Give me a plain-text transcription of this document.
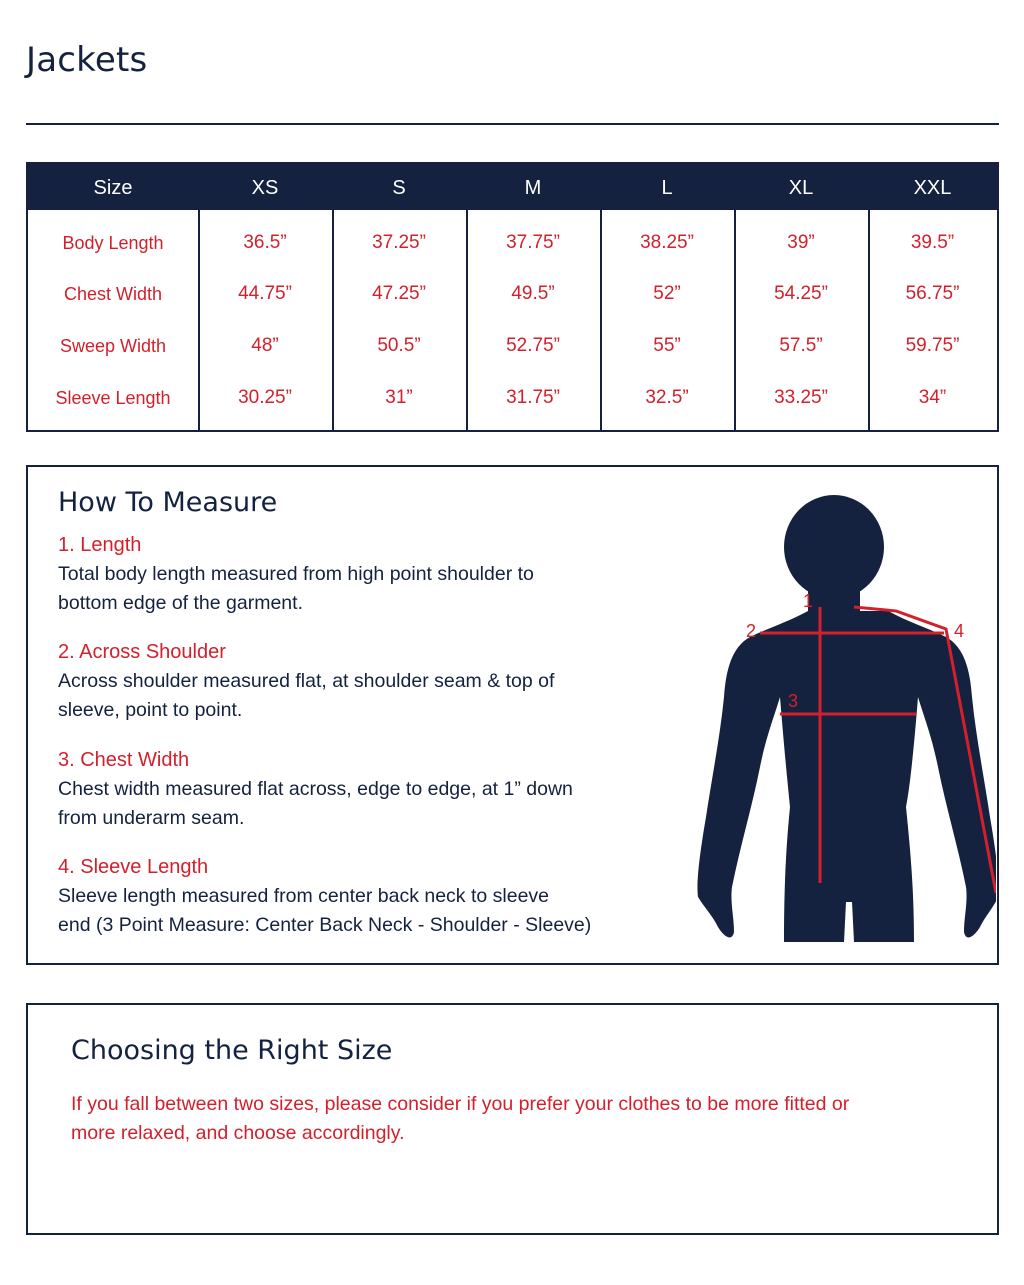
Jackets
Size	XS	S	M	L	XL	XXL
Body Length	36.5”	37.25”	37.75”	38.25”	39”	39.5”
Chest Width	44.75”	47.25”	49.5”	52”	54.25”	56.75”
Sweep Width	48”	50.5”	52.75”	55”	57.5”	59.75”
Sleeve Length	30.25”	31”	31.75”	32.5”	33.25”	34”
How To Measure
1. Length
Total body length measured from high point shoulder to
bottom edge of the garment.
2. Across Shoulder
Across shoulder measured flat, at shoulder seam & top of
sleeve, point to point.
3. Chest Width
Chest width measured flat across, edge to edge, at 1” down
from underarm seam.
4. Sleeve Length
Sleeve length measured from center back neck to sleeve
end (3 Point Measure: Center Back Neck - Shoulder - Sleeve)
1
2
3
4
Choosing the Right Size
If you fall between two sizes, please consider if you prefer your clothes to be more fitted or
more relaxed, and choose accordingly.
